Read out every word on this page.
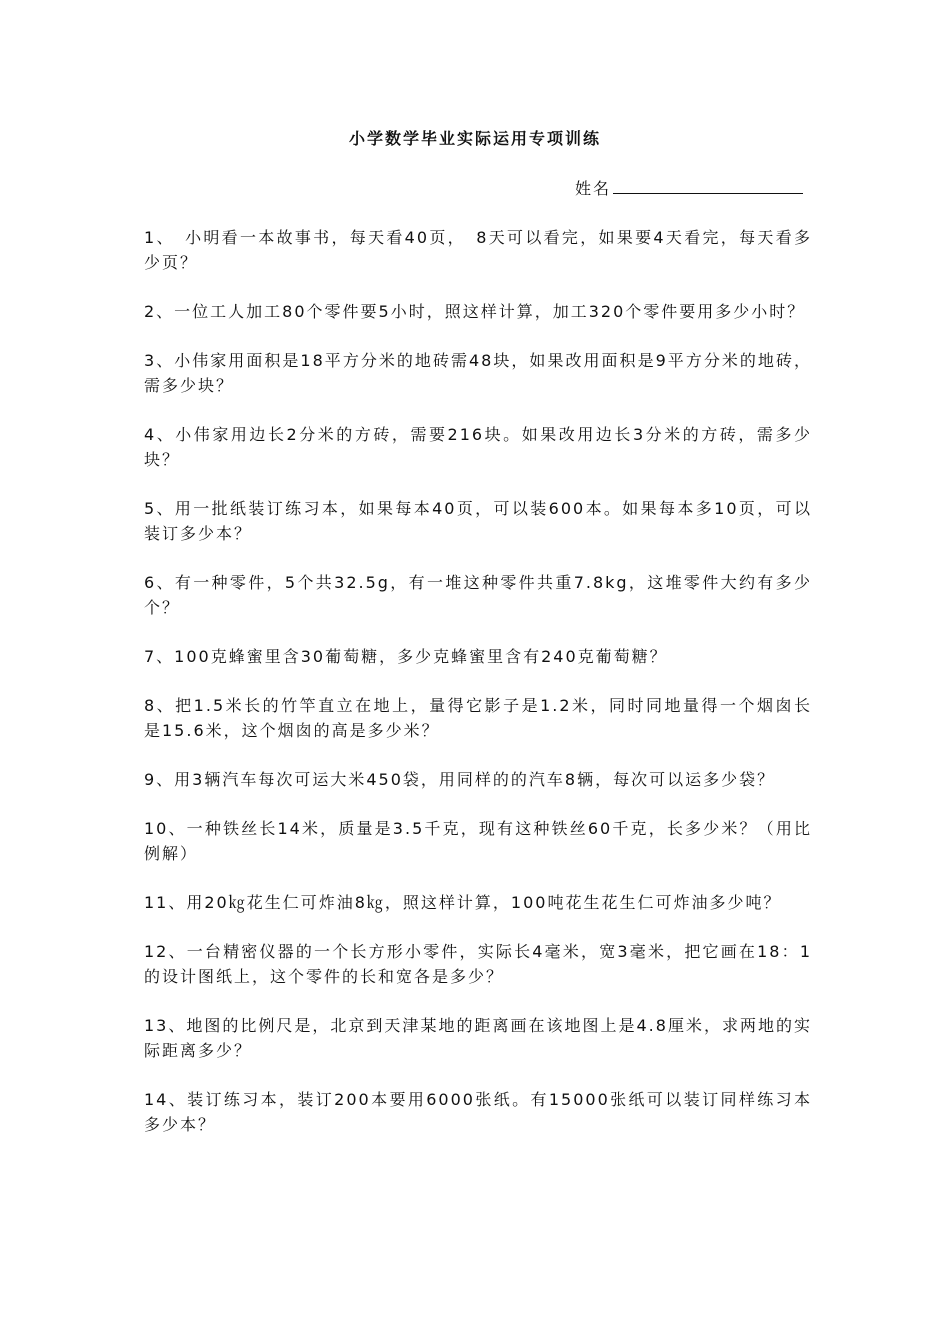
小学数学毕业实际运用专项训练
姓名

1、　小明看一本故事书，每天看40页，　8天可以看完，如果要4天看完，每天看多少页？

2、一位工人加工80个零件要5小时，照这样计算，加工320个零件要用多少小时？

3、小伟家用面积是18平方分米的地砖需48块，如果改用面积是9平方分米的地砖，需多少块？

4、小伟家用边长2分米的方砖，需要216块。如果改用边长3分米的方砖，需多少块？

5、用一批纸装订练习本，如果每本40页，可以装600本。如果每本多10页，可以装订多少本？

6、有一种零件，5个共32.5g，有一堆这种零件共重7.8kg，这堆零件大约有多少个？

7、100克蜂蜜里含30葡萄糖，多少克蜂蜜里含有240克葡萄糖？

8、把1.5米长的竹竿直立在地上，量得它影子是1.2米，同时同地量得一个烟囱长是15.6米，这个烟囱的高是多少米？

9、用3辆汽车每次可运大米450袋，用同样的的汽车8辆，每次可以运多少袋？

10、一种铁丝长14米，质量是3.5千克，现有这种铁丝60千克，长多少米？（用比例解）

11、用20㎏花生仁可炸油8㎏，照这样计算，100吨花生花生仁可炸油多少吨？

12、一台精密仪器的一个长方形小零件，实际长4毫米，宽3毫米，把它画在18：1的设计图纸上，这个零件的长和宽各是多少？

13、地图的比例尺是，北京到天津某地的距离画在该地图上是4.8厘米，求两地的实际距离多少？

14、装订练习本，装订200本要用6000张纸。有15000张纸可以装订同样练习本多少本？
